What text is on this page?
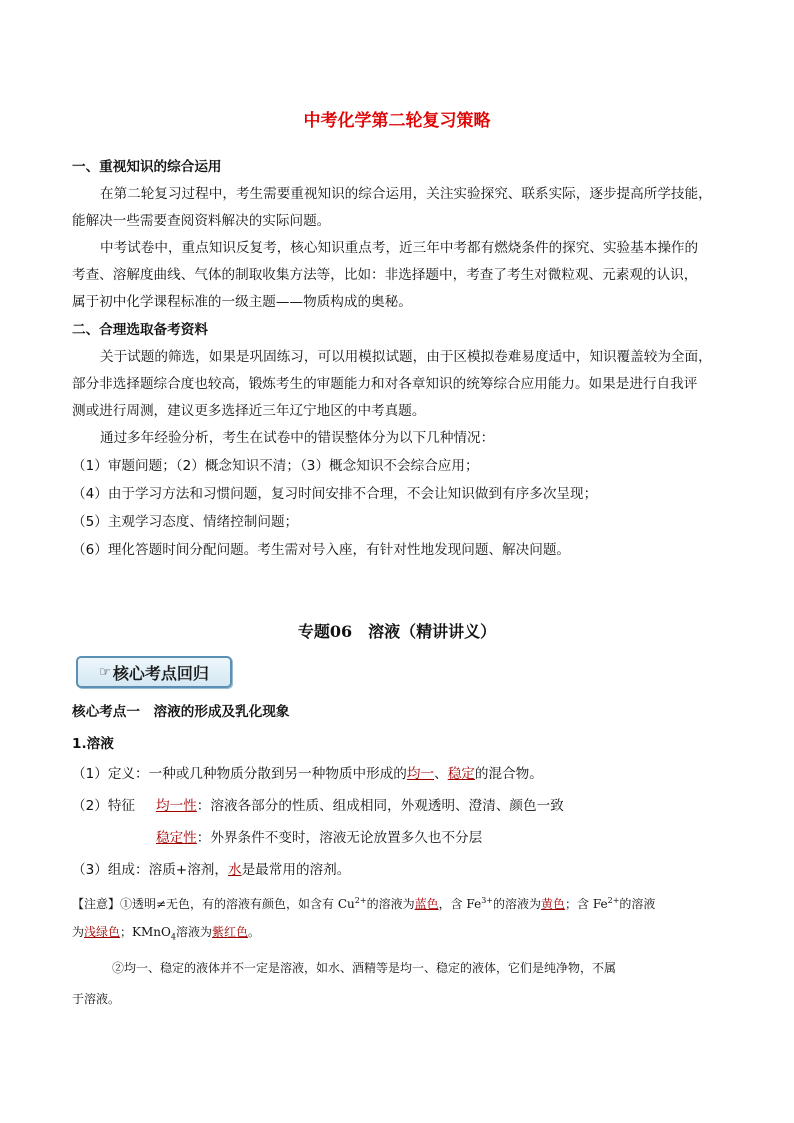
中考化学第二轮复习策略
一、重视知识的综合运用
在第二轮复习过程中，考生需要重视知识的综合运用，关注实验探究、联系实际，逐步提高所学技能，
能解决一些需要查阅资料解决的实际问题。
中考试卷中，重点知识反复考，核心知识重点考，近三年中考都有燃烧条件的探究、实验基本操作的
考查、溶解度曲线、气体的制取收集方法等，比如：非选择题中，考查了考生对微粒观、元素观的认识，
属于初中化学课程标准的一级主题——物质构成的奥秘。
二、合理选取备考资料
关于试题的筛选，如果是巩固练习，可以用模拟试题，由于区模拟卷难易度适中，知识覆盖较为全面，
部分非选择题综合度也较高，锻炼考生的审题能力和对各章知识的统筹综合应用能力。如果是进行自我评
测或进行周测，建议更多选择近三年辽宁地区的中考真题。
通过多年经验分析，考生在试卷中的错误整体分为以下几种情况：
（1）审题问题；（2）概念知识不清；（3）概念知识不会综合应用；
（4）由于学习方法和习惯问题，复习时间安排不合理，不会让知识做到有序多次呈现；
（5）主观学习态度、情绪控制问题；
（6）理化答题时间分配问题。考生需对号入座，有针对性地发现问题、解决问题。
专题06　溶液（精讲讲义）
☞ 核心考点回归
核心考点一　溶液的形成及乳化现象
1.溶液
（1）定义：一种或几种物质分散到另一种物质中形成的均一、稳定的混合物。
（2）特征 均一性：溶液各部分的性质、组成相同，外观透明、澄清、颜色一致
稳定性：外界条件不变时，溶液无论放置多久也不分层
（3）组成：溶质+溶剂，水是最常用的溶剂。
【注意】①透明≠无色，有的溶液有颜色，如含有 $Cu^{2+}$的溶液为蓝色，含 $Fe^{3+}$的溶液为黄色；含 $Fe^{2+}$的溶液
为浅绿色；KMnO$_4$溶液为紫红色。
②均一、稳定的液体并不一定是溶液，如水、酒精等是均一、稳定的液体，它们是纯净物，不属
于溶液。
